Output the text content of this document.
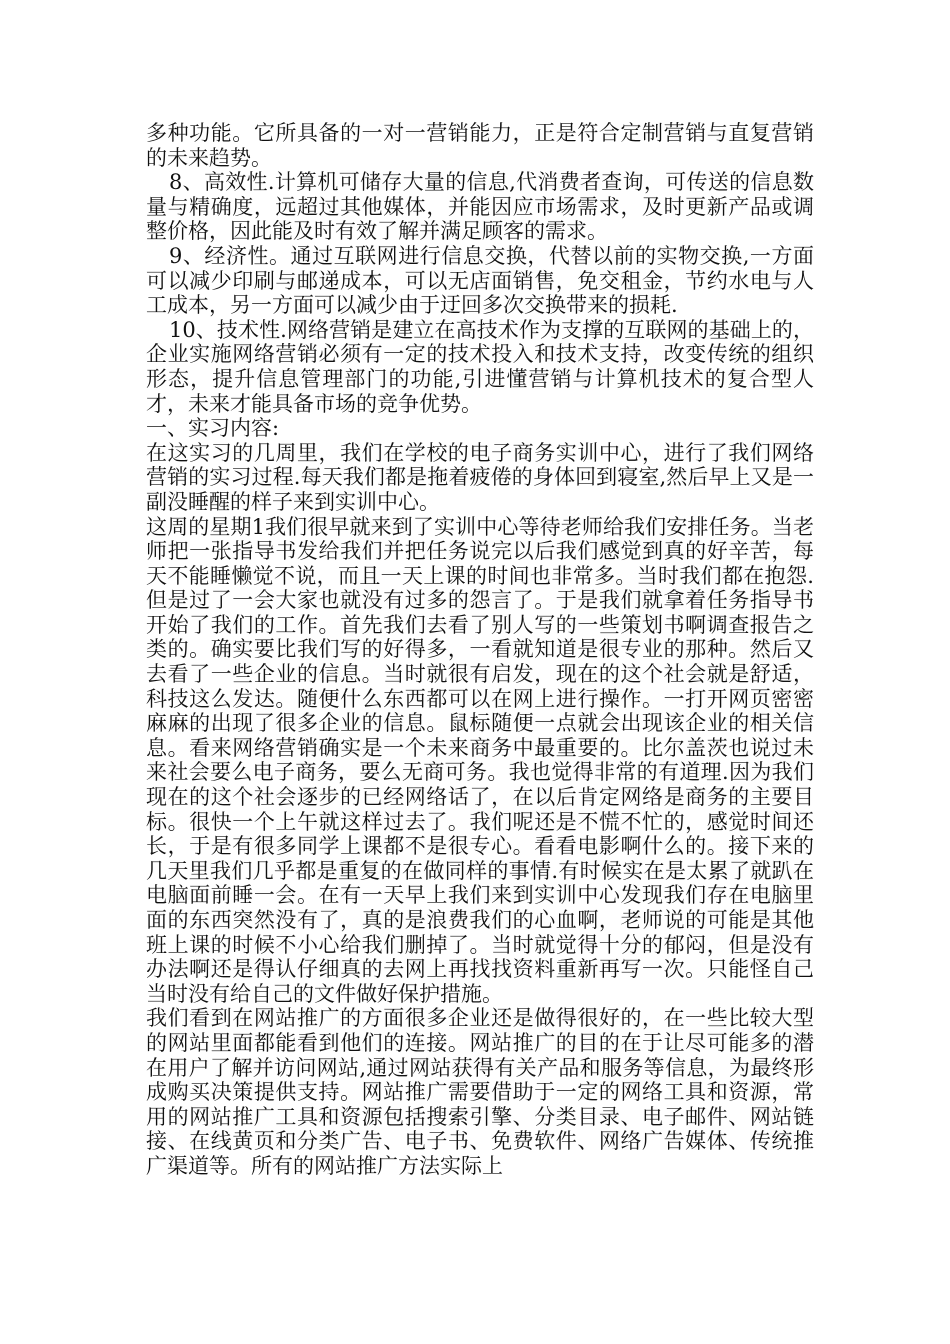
多种功能。它所具备的一对一营销能力，正是符合定制营销与直复营销的未来趋势。

8、高效性.计算机可储存大量的信息,代消费者查询，可传送的信息数量与精确度，远超过其他媒体，并能因应市场需求，及时更新产品或调整价格，因此能及时有效了解并满足顾客的需求。

9、经济性。通过互联网进行信息交换，代替以前的实物交换,一方面可以减少印刷与邮递成本，可以无店面销售，免交租金，节约水电与人工成本，另一方面可以减少由于迂回多次交换带来的损耗.

10、技术性.网络营销是建立在高技术作为支撑的互联网的基础上的，企业实施网络营销必须有一定的技术投入和技术支持，改变传统的组织形态，提升信息管理部门的功能,引进懂营销与计算机技术的复合型人才，未来才能具备市场的竞争优势。

一、实习内容:

在这实习的几周里，我们在学校的电子商务实训中心，进行了我们网络营销的实习过程.每天我们都是拖着疲倦的身体回到寝室,然后早上又是一副没睡醒的样子来到实训中心。

这周的星期1我们很早就来到了实训中心等待老师给我们安排任务。当老师把一张指导书发给我们并把任务说完以后我们感觉到真的好辛苦，每天不能睡懒觉不说，而且一天上课的时间也非常多。当时我们都在抱怨.但是过了一会大家也就没有过多的怨言了。于是我们就拿着任务指导书开始了我们的工作。首先我们去看了别人写的一些策划书啊调查报告之类的。确实要比我们写的好得多，一看就知道是很专业的那种。然后又去看了一些企业的信息。当时就很有启发，现在的这个社会就是舒适，科技这么发达。随便什么东西都可以在网上进行操作。一打开网页密密麻麻的出现了很多企业的信息。鼠标随便一点就会出现该企业的相关信息。看来网络营销确实是一个未来商务中最重要的。比尔盖茨也说过未来社会要么电子商务，要么无商可务。我也觉得非常的有道理.因为我们现在的这个社会逐步的已经网络话了，在以后肯定网络是商务的主要目标。很快一个上午就这样过去了。我们呢还是不慌不忙的，感觉时间还长，于是有很多同学上课都不是很专心。看看电影啊什么的。接下来的几天里我们几乎都是重复的在做同样的事情.有时候实在是太累了就趴在电脑面前睡一会。在有一天早上我们来到实训中心发现我们存在电脑里面的东西突然没有了，真的是浪费我们的心血啊，老师说的可能是其他班上课的时候不小心给我们删掉了。当时就觉得十分的郁闷，但是没有办法啊还是得认仔细真的去网上再找找资料重新再写一次。只能怪自己当时没有给自己的文件做好保护措施。

我们看到在网站推广的方面很多企业还是做得很好的，在一些比较大型的网站里面都能看到他们的连接。网站推广的目的在于让尽可能多的潜在用户了解并访问网站,通过网站获得有关产品和服务等信息，为最终形成购买决策提供支持。网站推广需要借助于一定的网络工具和资源，常用的网站推广工具和资源包括搜索引擎、分类目录、电子邮件、网站链接、在线黄页和分类广告、电子书、免费软件、网络广告媒体、传统推广渠道等。所有的网站推广方法实际上
